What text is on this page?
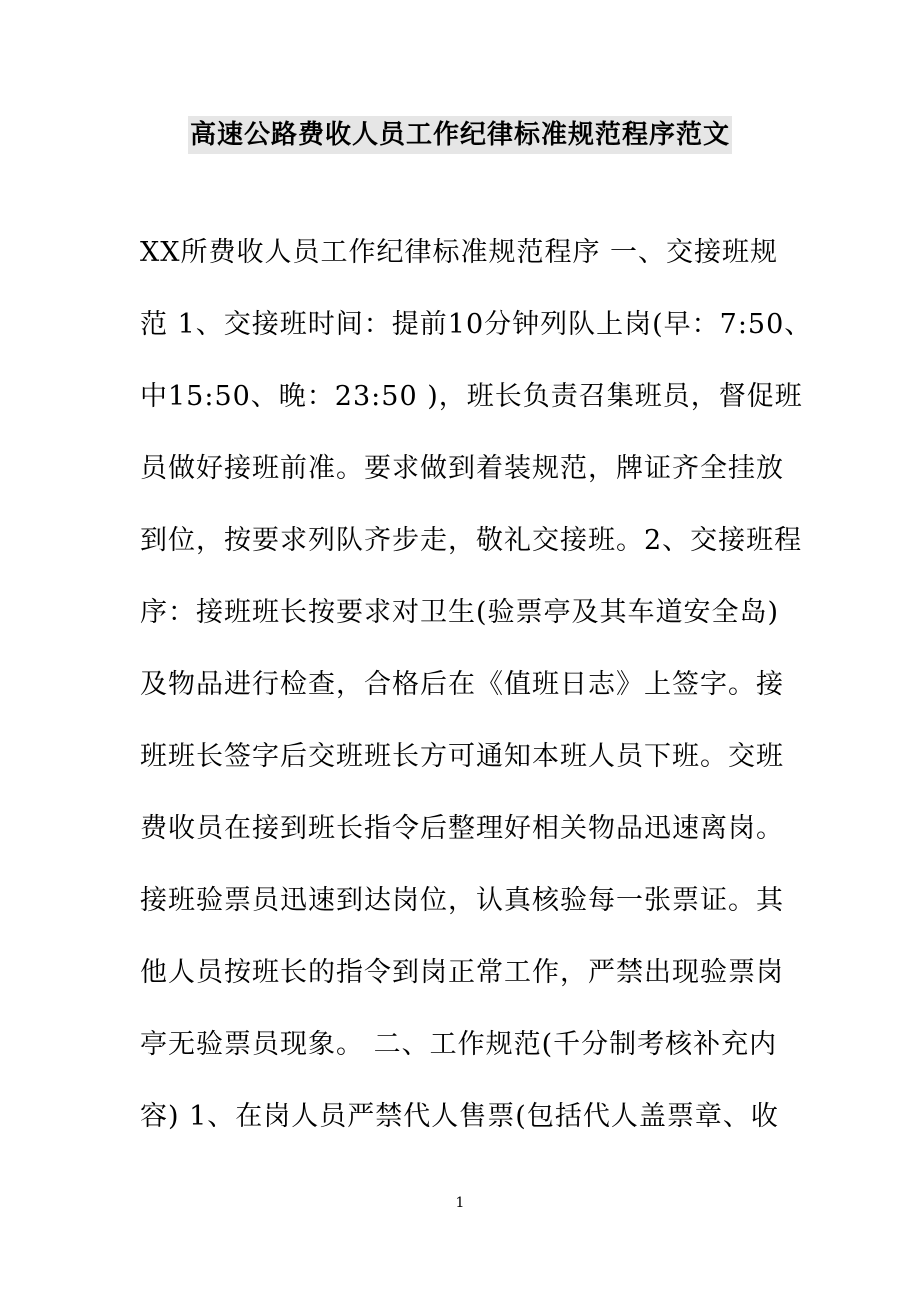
高速公路费收人员工作纪律标准规范程序范文
XX所费收人员工作纪律标准规范程序 一、交接班规
范 1、交接班时间：提前10分钟列队上岗(早：7:50、
中15:50、晚：23:50 )，班长负责召集班员，督促班
员做好接班前准。要求做到着装规范，牌证齐全挂放
到位，按要求列队齐步走，敬礼交接班。2、交接班程
序：接班班长按要求对卫生(验票亭及其车道安全岛)
及物品进行检查，合格后在《值班日志》上签字。接
班班长签字后交班班长方可通知本班人员下班。交班
费收员在接到班长指令后整理好相关物品迅速离岗。
接班验票员迅速到达岗位，认真核验每一张票证。其
他人员按班长的指令到岗正常工作，严禁出现验票岗
亭无验票员现象。 二、工作规范(千分制考核补充内
容) 1、在岗人员严禁代人售票(包括代人盖票章、收
1
